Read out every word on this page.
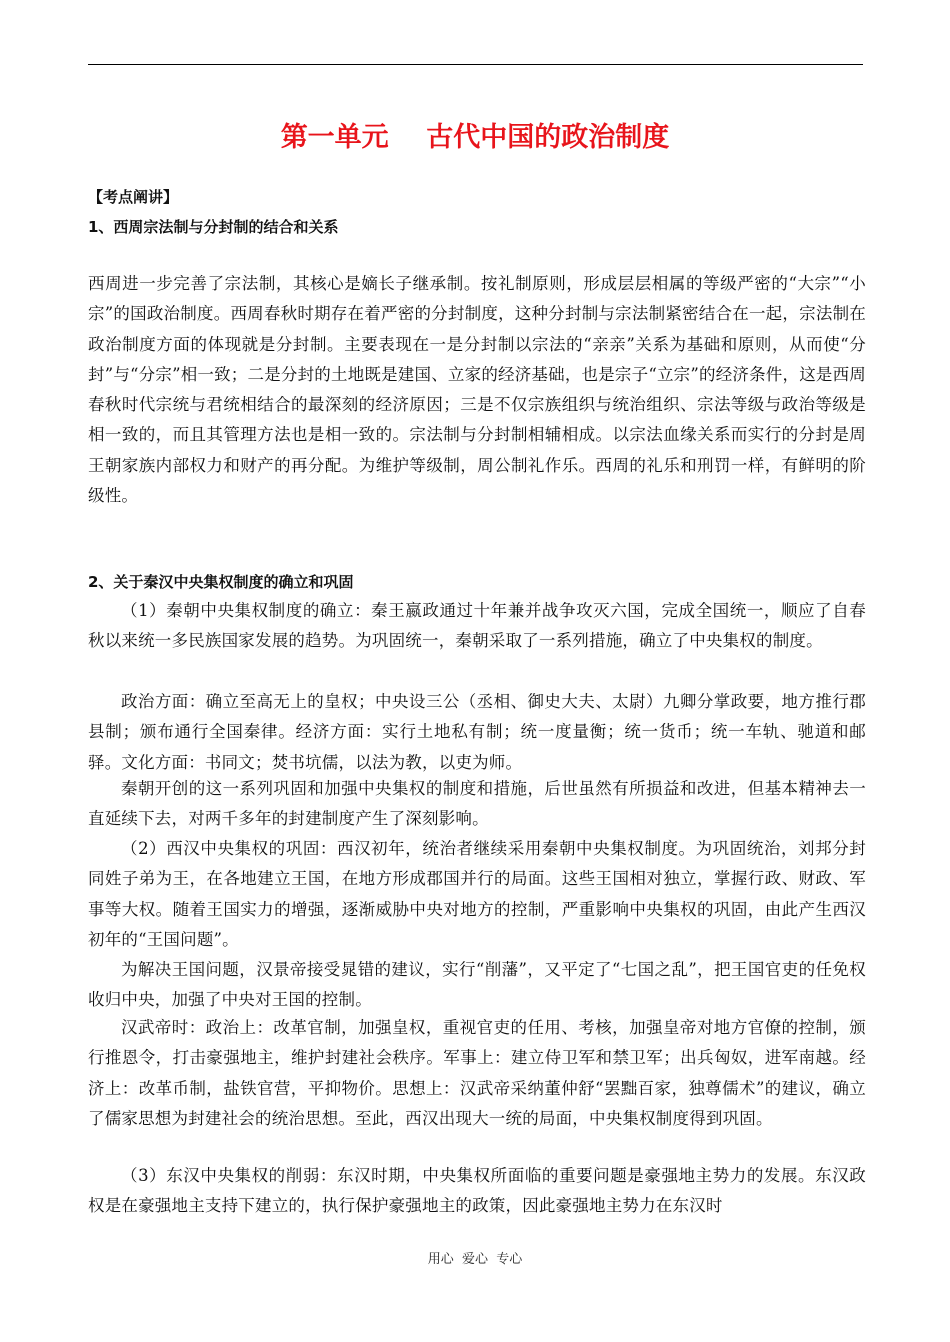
第一单元    古代中国的政治制度
【考点阐讲】
1、西周宗法制与分封制的结合和关系

西周进一步完善了宗法制，其核心是嫡长子继承制。按礼制原则，形成层层相属的等级严密的“大宗”“小宗”的国政治制度。西周春秋时期存在着严密的分封制度，这种分封制与宗法制紧密结合在一起，宗法制在政治制度方面的体现就是分封制。主要表现在一是分封制以宗法的“亲亲”关系为基础和原则，从而使“分封”与“分宗”相一致；二是分封的土地既是建国、立家的经济基础，也是宗子“立宗”的经济条件，这是西周春秋时代宗统与君统相结合的最深刻的经济原因；三是不仅宗族组织与统治组织、宗法等级与政治等级是相一致的，而且其管理方法也是相一致的。宗法制与分封制相辅相成。以宗法血缘关系而实行的分封是周王朝家族内部权力和财产的再分配。为维护等级制，周公制礼作乐。西周的礼乐和刑罚一样，有鲜明的阶级性。

2、关于秦汉中央集权制度的确立和巩固

（1）秦朝中央集权制度的确立：秦王嬴政通过十年兼并战争攻灭六国，完成全国统一，顺应了自春秋以来统一多民族国家发展的趋势。为巩固统一，秦朝采取了一系列措施，确立了中央集权的制度。

政治方面：确立至高无上的皇权；中央设三公（丞相、御史大夫、太尉）九卿分掌政要，地方推行郡县制；颁布通行全国秦律。经济方面：实行土地私有制；统一度量衡；统一货币；统一车轨、驰道和邮驿。文化方面：书同文；焚书坑儒，以法为教，以吏为师。

秦朝开创的这一系列巩固和加强中央集权的制度和措施，后世虽然有所损益和改进，但基本精神去一直延续下去，对两千多年的封建制度产生了深刻影响。

（2）西汉中央集权的巩固：西汉初年，统治者继续采用秦朝中央集权制度。为巩固统治，刘邦分封同姓子弟为王，在各地建立王国，在地方形成郡国并行的局面。这些王国相对独立，掌握行政、财政、军事等大权。随着王国实力的增强，逐渐威胁中央对地方的控制，严重影响中央集权的巩固，由此产生西汉初年的“王国问题”。

为解决王国问题，汉景帝接受晁错的建议，实行“削藩”，又平定了“七国之乱”，把王国官吏的任免权收归中央，加强了中央对王国的控制。

汉武帝时：政治上：改革官制，加强皇权，重视官吏的任用、考核，加强皇帝对地方官僚的控制，颁行推恩令，打击豪强地主，维护封建社会秩序。军事上：建立侍卫军和禁卫军；出兵匈奴，进军南越。经济上：改革币制，盐铁官营，平抑物价。思想上：汉武帝采纳董仲舒“罢黜百家，独尊儒术”的建议，确立了儒家思想为封建社会的统治思想。至此，西汉出现大一统的局面，中央集权制度得到巩固。

（3）东汉中央集权的削弱：东汉时期，中央集权所面临的重要问题是豪强地主势力的发展。东汉政权是在豪强地主支持下建立的，执行保护豪强地主的政策，因此豪强地主势力在东汉时

用心  爱心  专心
